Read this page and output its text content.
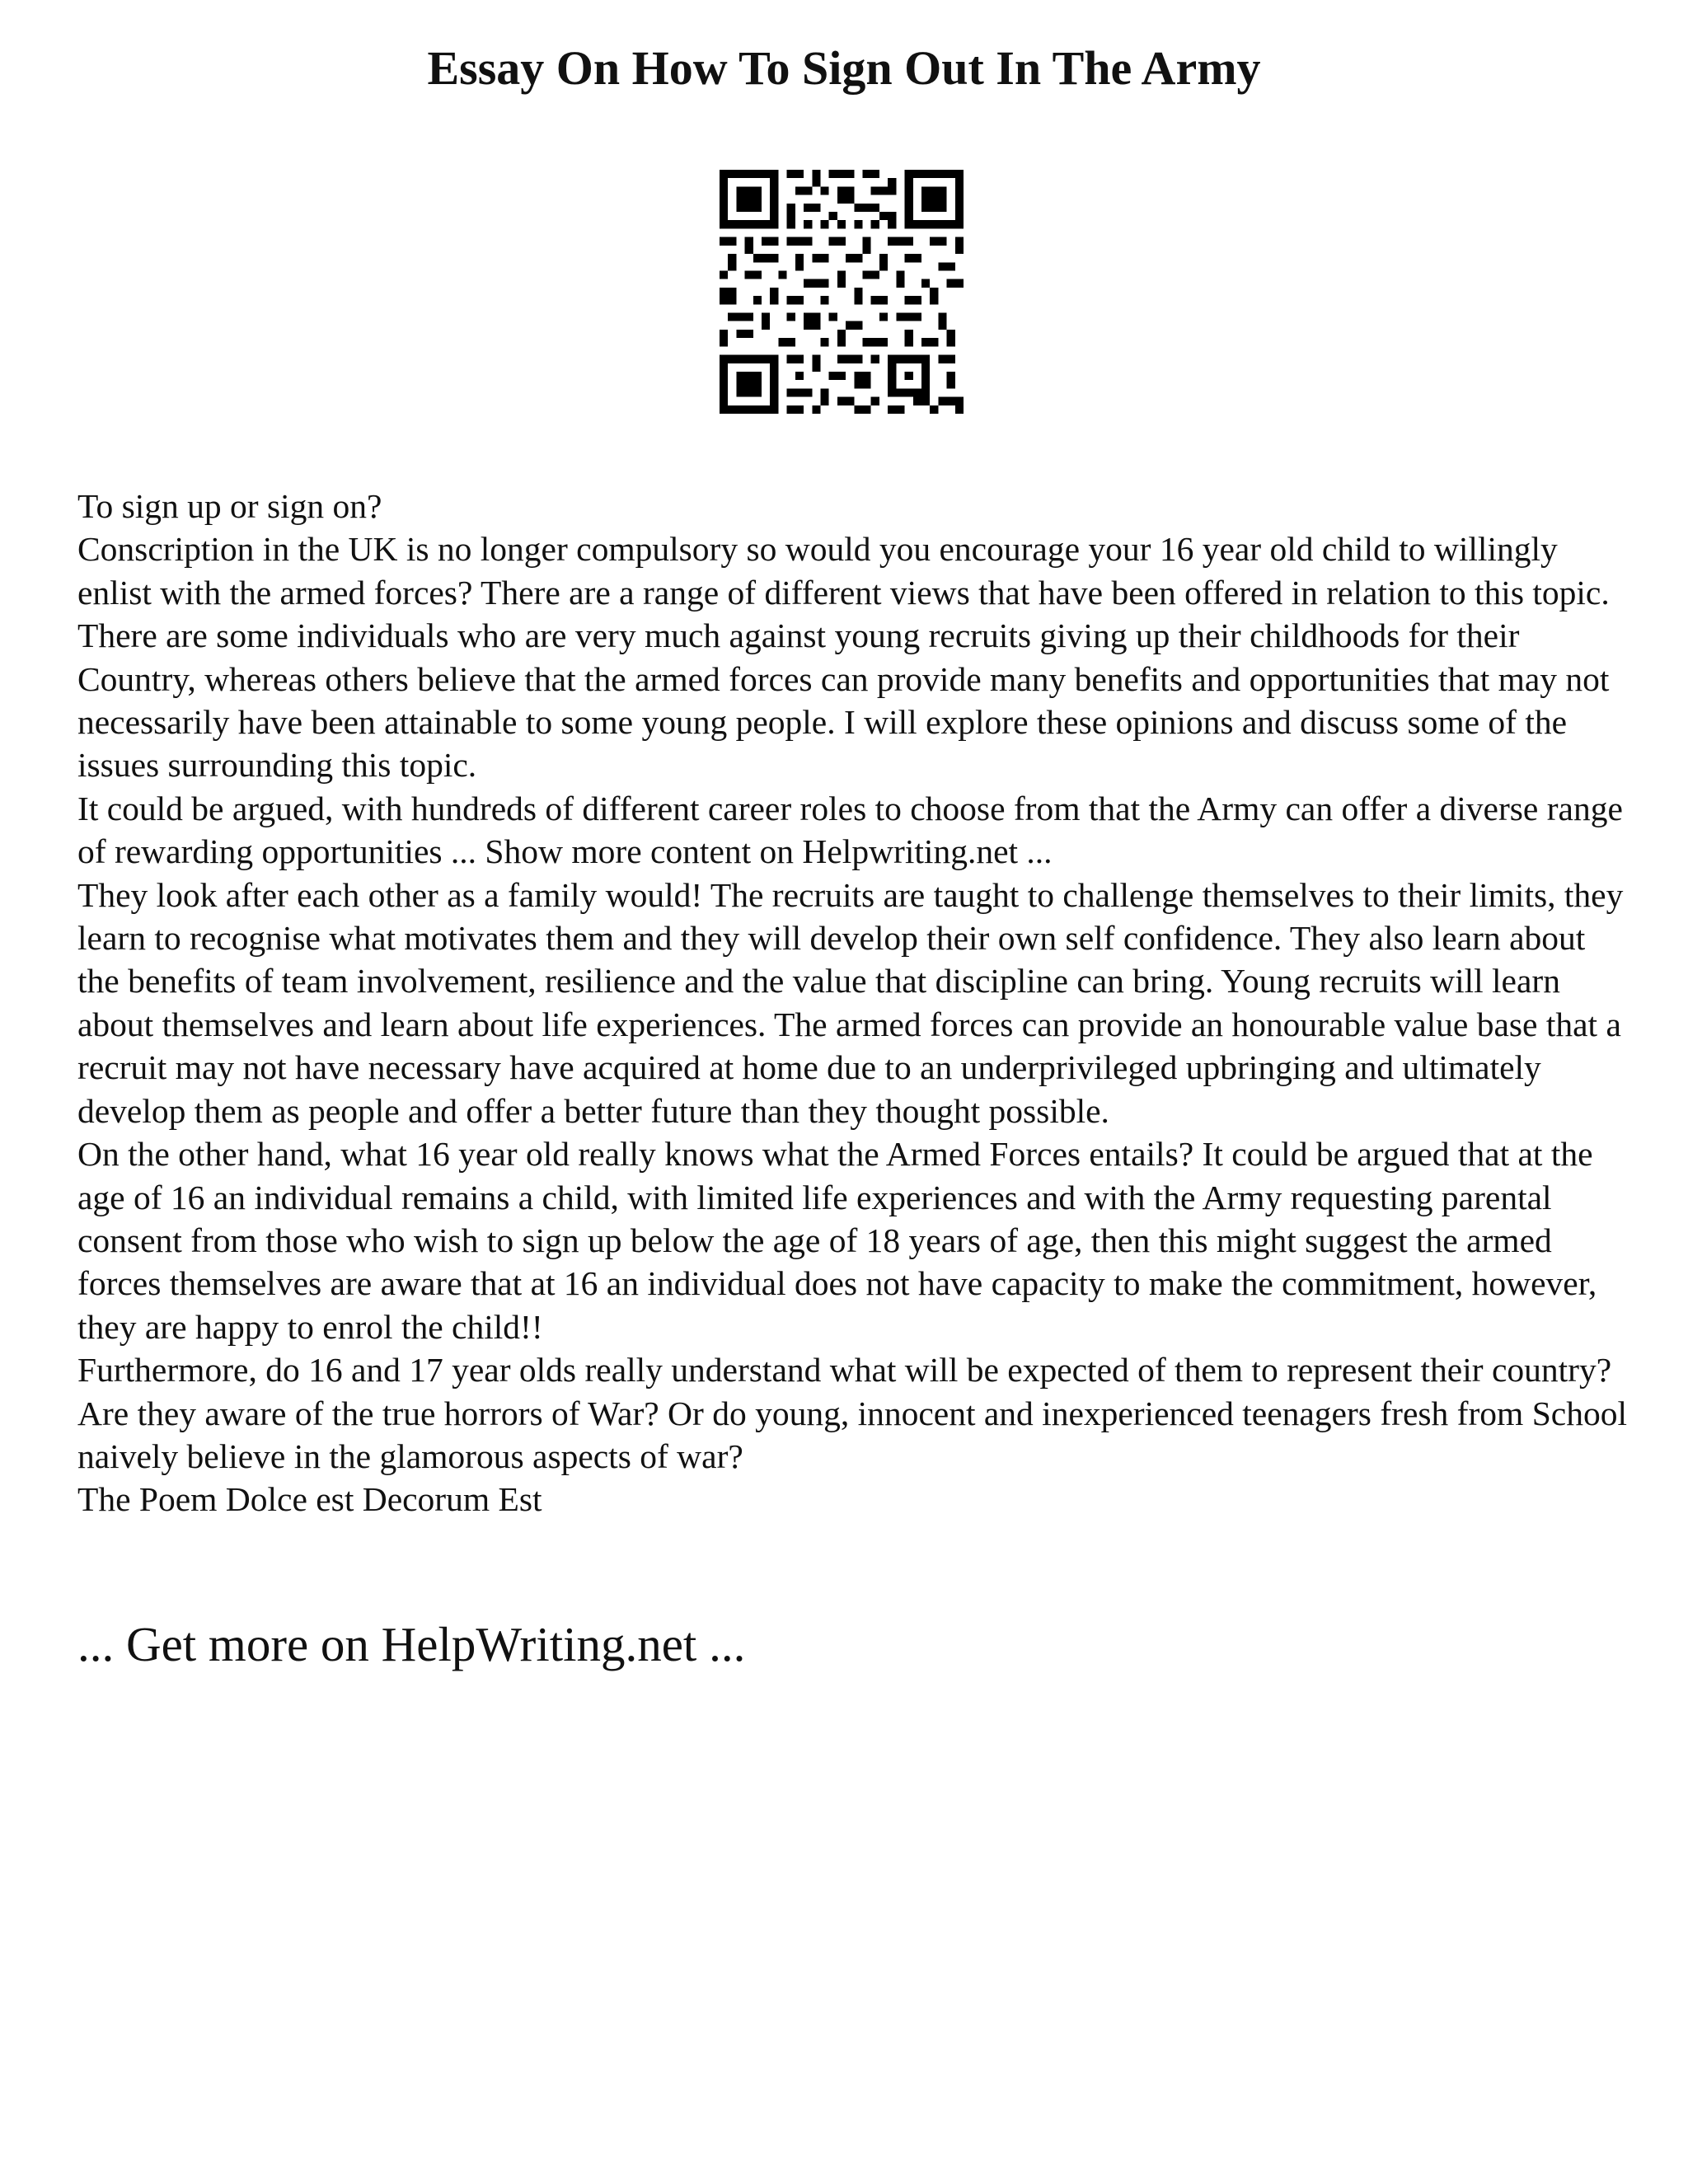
Essay On How To Sign Out In The Army

To sign up or sign on?

Conscription in the UK is no longer compulsory so would you encourage your 16 year old child to willingly enlist with the armed forces? There are a range of different views that have been offered in relation to this topic. There are some individuals who are very much against young recruits giving up their childhoods for their Country, whereas others believe that the armed forces can provide many benefits and opportunities that may not necessarily have been attainable to some young people. I will explore these opinions and discuss some of the issues surrounding this topic.

It could be argued, with hundreds of different career roles to choose from that the Army can offer a diverse range of rewarding opportunities ... Show more content on Helpwriting.net ...

They look after each other as a family would! The recruits are taught to challenge themselves to their limits, they learn to recognise what motivates them and they will develop their own self confidence. They also learn about the benefits of team involvement, resilience and the value that discipline can bring. Young recruits will learn about themselves and learn about life experiences. The armed forces can provide an honourable value base that a recruit may not have necessary have acquired at home due to an underprivileged upbringing and ultimately develop them as people and offer a better future than they thought possible.

On the other hand, what 16 year old really knows what the Armed Forces entails? It could be argued that at the age of 16 an individual remains a child, with limited life experiences and with the Army requesting parental consent from those who wish to sign up below the age of 18 years of age, then this might suggest the armed forces themselves are aware that at 16 an individual does not have capacity to make the commitment, however, they are happy to enrol the child!!

Furthermore, do 16 and 17 year olds really understand what will be expected of them to represent their country? Are they aware of the true horrors of War? Or do young, innocent and inexperienced teenagers fresh from School naively believe in the glamorous aspects of war?

The Poem Dolce est Decorum Est

... Get more on HelpWriting.net ...
